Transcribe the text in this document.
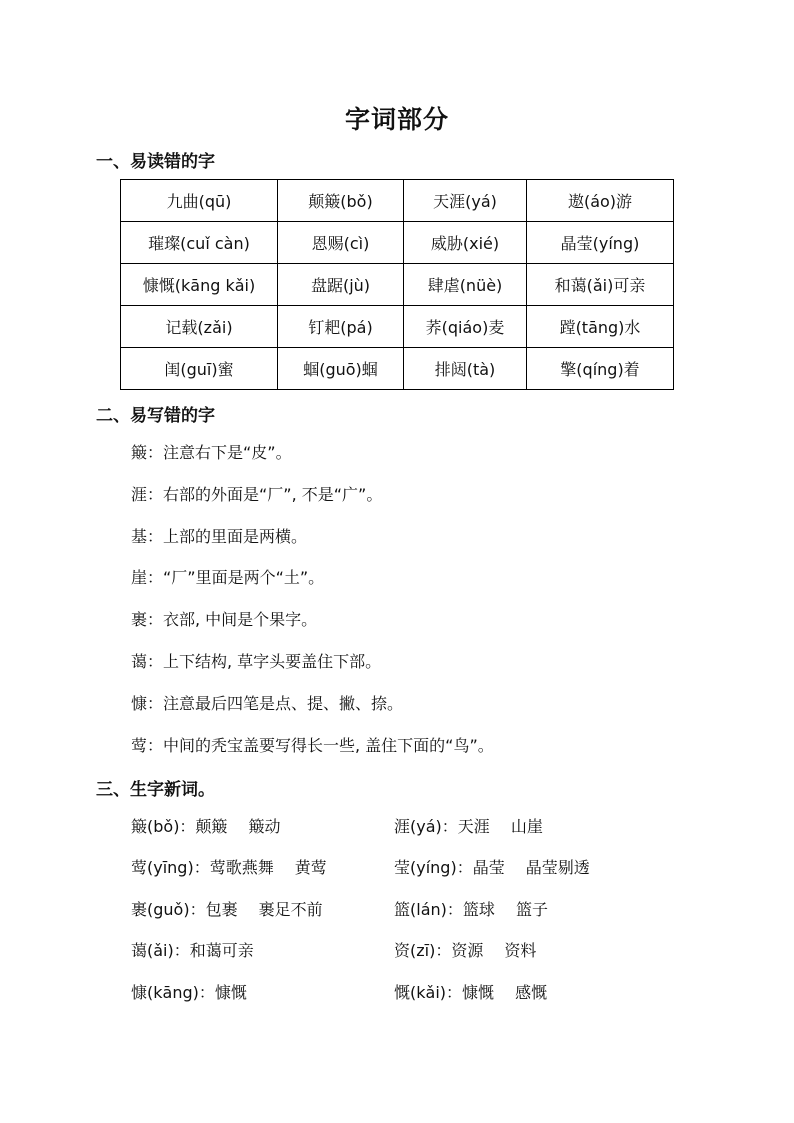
字词部分
一、易读错的字
九曲(qū)	颠簸(bǒ)	天涯(yá)	遨(áo)游
璀璨(cuǐ càn)	恩赐(cì)	威胁(xié)	晶莹(yíng)
慷慨(kāng kǎi)	盘踞(jù)	肆虐(nüè)	和蔼(ǎi)可亲
记载(zǎi)	钉耙(pá)	荞(qiáo)麦	蹚(tāng)水
闺(guī)蜜	蝈(guō)蝈	排闼(tà)	擎(qíng)着
二、易写错的字
簸：注意右下是“皮”。
涯：右部的外面是“厂”, 不是“广”。
基：上部的里面是两横。
崖：“厂”里面是两个“土”。
裹：衣部, 中间是个果字。
蔼：上下结构, 草字头要盖住下部。
慷：注意最后四笔是点、提、撇、捺。
莺：中间的秃宝盖要写得长一些, 盖住下面的“鸟”。
三、生字新词。
簸(bǒ)：颠簸　 簸动	涯(yá)：天涯　 山崖
莺(yīng)：莺歌燕舞　 黄莺	莹(yíng)：晶莹　 晶莹剔透
裹(guǒ)：包裹　 裹足不前	篮(lán)：篮球　 篮子
蔼(ǎi)：和蔼可亲	资(zī)：资源　 资料
慷(kāng)：慷慨	慨(kǎi)：慷慨　 感慨
